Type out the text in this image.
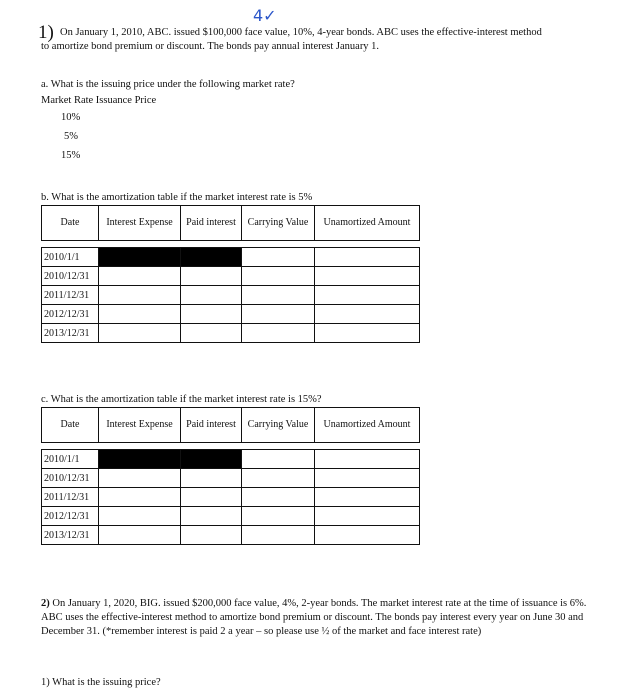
4✓
1) On January 1, 2010, ABC. issued $100,000 face value, 10%, 4-year bonds. ABC uses the effective-interest method
to amortize bond premium or discount. The bonds pay annual interest January 1.
a. What is the issuing price under the following market rate?
Market Rate Issuance Price
10%
5%
15%
b. What is the amortization table if the market interest rate is 5%
Date	Interest Expense	Paid interest	Carrying Value	Unamortized Amount

2010/1/1				
2010/12/31				
2011/12/31				
2012/12/31				
2013/12/31				
c. What is the amortization table if the market interest rate is 15%?
Date	Interest Expense	Paid interest	Carrying Value	Unamortized Amount

2010/1/1				
2010/12/31				
2011/12/31				
2012/12/31				
2013/12/31				
2) On January 1, 2020, BIG. issued $200,000 face value, 4%, 2-year bonds. The market interest rate at the time of issuance is 6%. ABC uses the effective-interest method to amortize bond premium or discount. The bonds pay interest every year on June 30 and December 31. (*remember interest is paid 2 a year – so please use ½ of the market and face interest rate)
1) What is the issuing price?
